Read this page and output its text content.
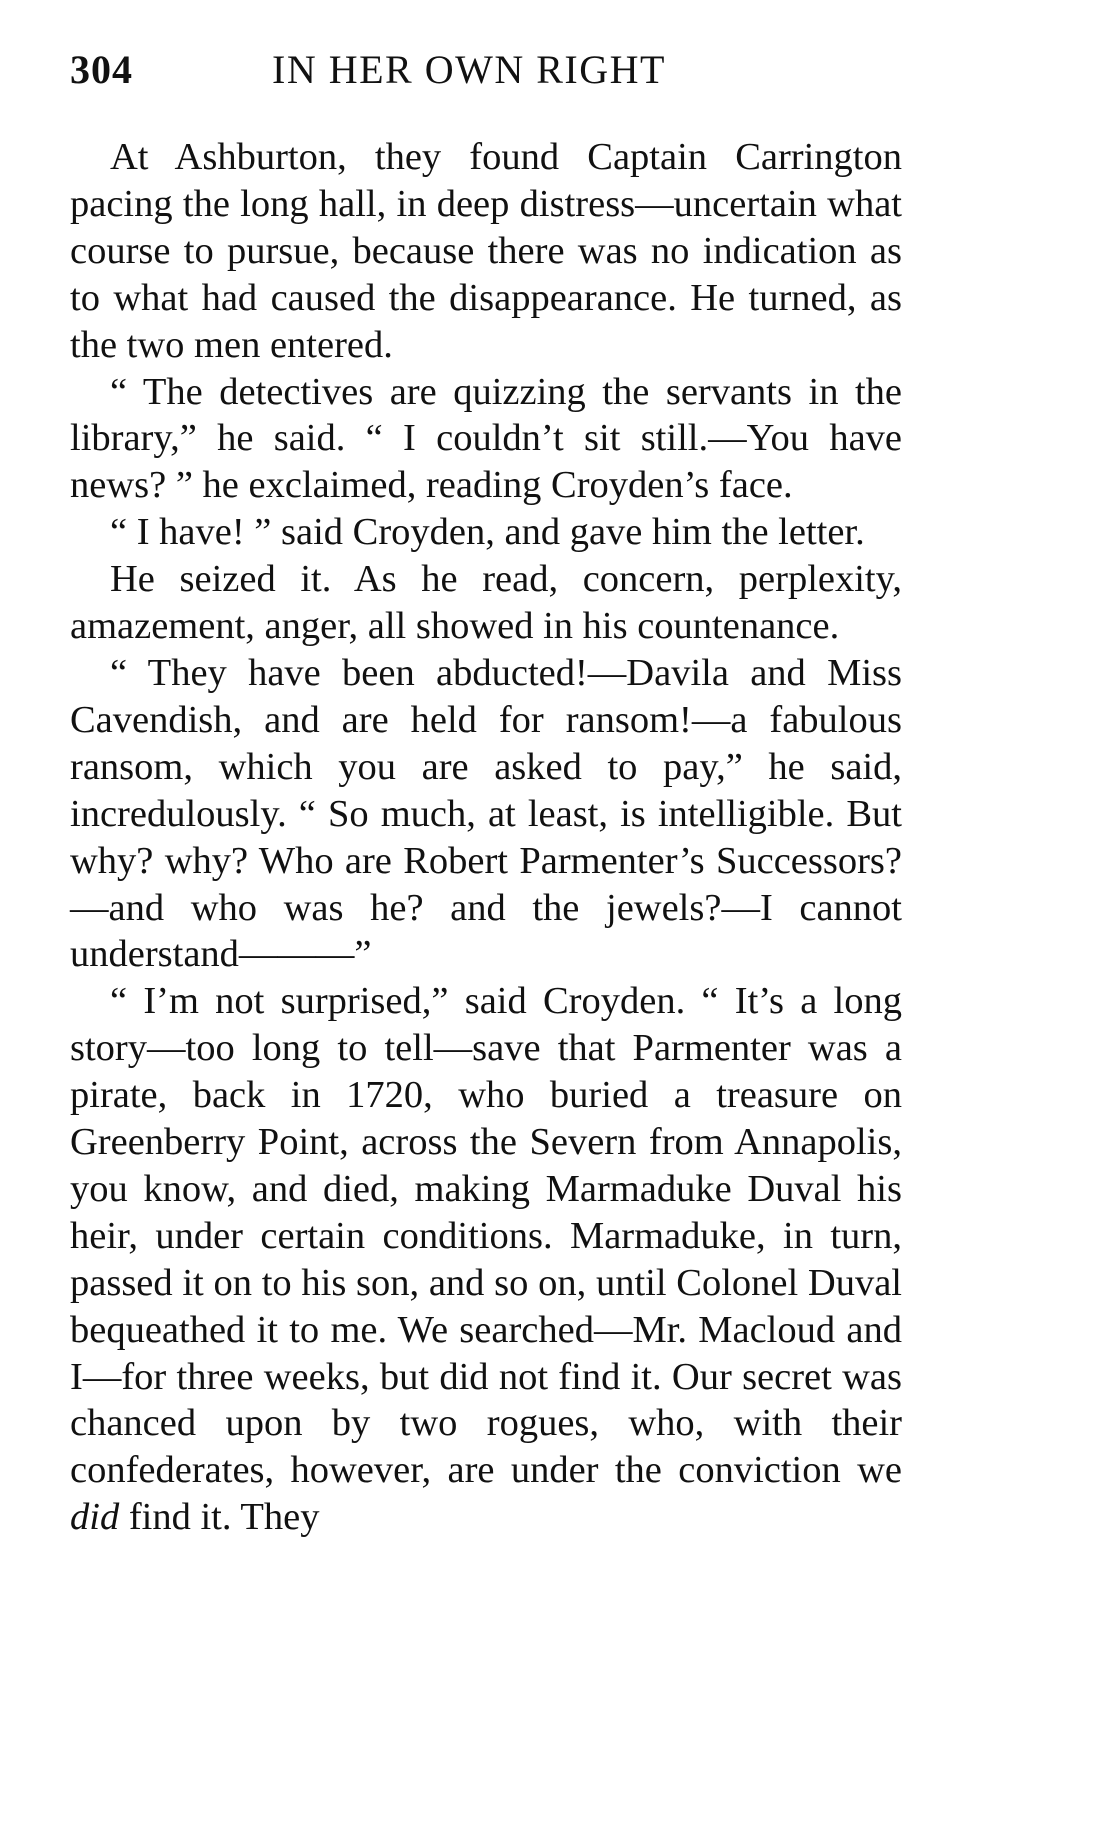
304	IN HER OWN RIGHT

At Ashburton, they found Captain Carrington pacing the long hall, in deep distress—uncertain what course to pursue, because there was no indication as to what had caused the disappearance. He turned, as the two men entered.

“ The detectives are quizzing the servants in the library,” he said. “ I couldn’t sit still.—You have news? ” he exclaimed, reading Croyden’s face.

“ I have! ” said Croyden, and gave him the letter.

He seized it. As he read, concern, perplexity, amazement, anger, all showed in his countenance.

“ They have been abducted!—Davila and Miss Cavendish, and are held for ransom!—a fabulous ransom, which you are asked to pay,” he said, incredulously. “ So much, at least, is intelligible. But why? why? Who are Robert Parmenter’s Successors?—and who was he? and the jewels?—I cannot understand———”

“ I’m not surprised,” said Croyden. “ It’s a long story—too long to tell—save that Parmenter was a pirate, back in 1720, who buried a treasure on Greenberry Point, across the Severn from Annapolis, you know, and died, making Marmaduke Duval his heir, under certain conditions. Marmaduke, in turn, passed it on to his son, and so on, until Colonel Duval bequeathed it to me. We searched—Mr. Macloud and I—for three weeks, but did not find it. Our secret was chanced upon by two rogues, who, with their confederates, however, are under the conviction we did find it. They
